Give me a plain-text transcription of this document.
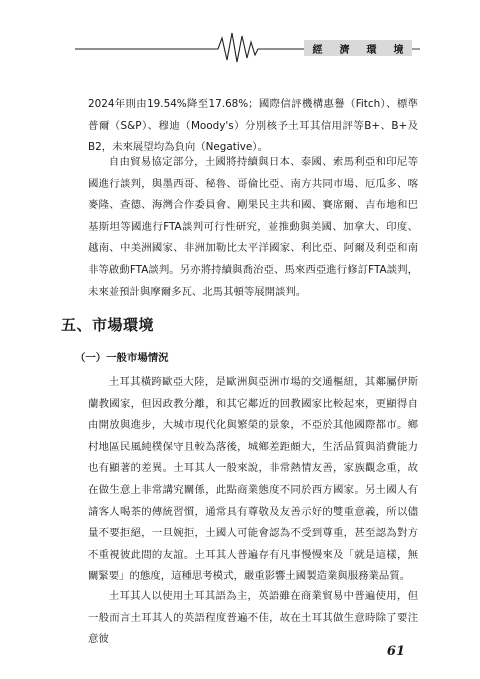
經 濟 環 境

2024年則由19.54%降至17.68%；國際信評機構惠譽（Fitch）、標準普爾（S&P）、穆迪（Moody's）分別核予土耳其信用評等B+、B+及B2，未來展望均為負向（Negative）。

自由貿易協定部分，土國將持續與日本、泰國、索馬利亞和印尼等國進行談判，與墨西哥、秘魯、哥倫比亞、南方共同市場、厄瓜多、喀麥隆、查德、海灣合作委員會、剛果民主共和國、賽席爾、吉布地和巴基斯坦等國進行FTA談判可行性研究，並推動與美國、加拿大、印度、越南、中美洲國家、非洲加勒比太平洋國家、利比亞、阿爾及利亞和南非等啟動FTA談判。另亦將持續與喬治亞、馬來西亞進行修訂FTA談判，未來並預計與摩爾多瓦、北馬其頓等展開談判。

五、市場環境
（一）一般市場情況

土耳其橫跨歐亞大陸，是歐洲與亞洲市場的交通樞紐，其鄰屬伊斯蘭教國家，但因政教分離，和其它鄰近的回教國家比較起來，更顯得自由開放與進步，大城市現代化與繁榮的景象，不亞於其他國際都市。鄉村地區民風純樸保守且較為落後，城鄉差距頗大，生活品質與消費能力也有顯著的差異。土耳其人一般來說，非常熱情友善，家族觀念重，故在做生意上非常講究關係，此點商業態度不同於西方國家。另土國人有請客人喝茶的傳統習慣，通常具有尊敬及友善示好的雙重意義，所以儘量不要拒絕，一旦婉拒，土國人可能會認為不受到尊重，甚至認為對方不重視彼此間的友誼。土耳其人普遍存有凡事慢慢來及「就是這樣，無關緊要」的態度，這種思考模式，嚴重影響土國製造業與服務業品質。

土耳其人以使用土耳其語為主，英語雖在商業貿易中普遍使用，但一般而言土耳其人的英語程度普遍不佳，故在土耳其做生意時除了要注意彼

61
